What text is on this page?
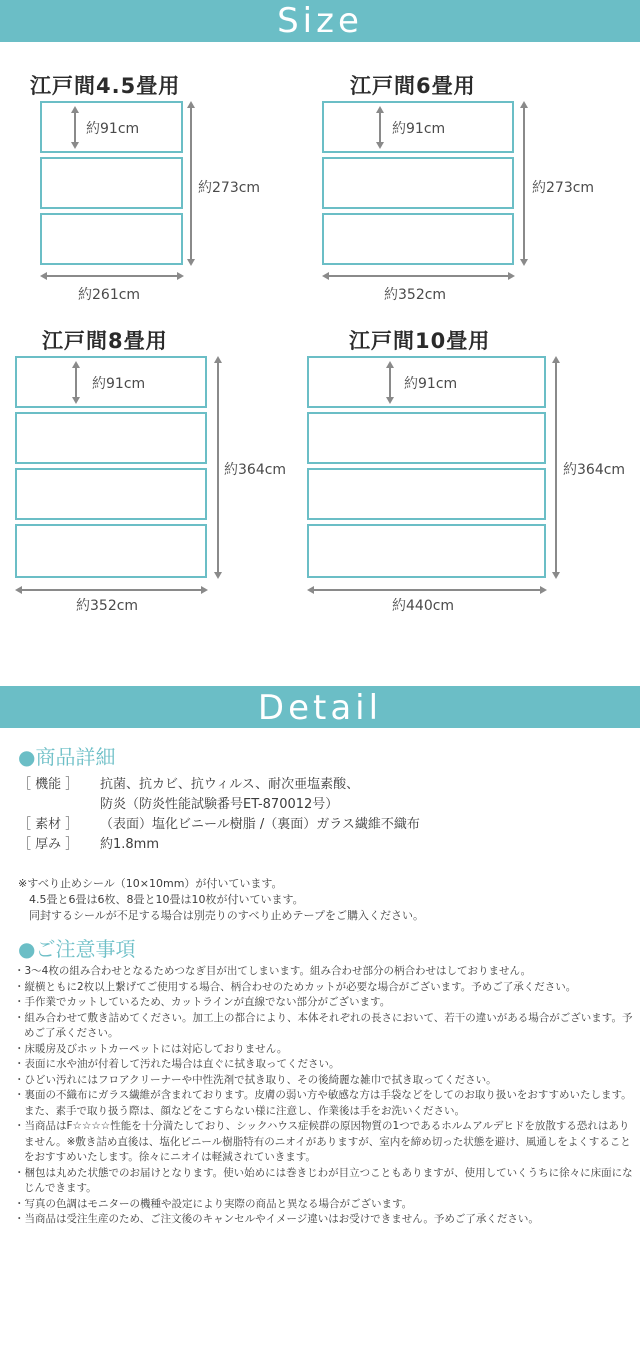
Size
江戸間4.5畳用
約91cm
約273cm
約261cm
江戸間6畳用
約91cm
約273cm
約352cm
江戸間8畳用
約91cm
約364cm
約352cm
江戸間10畳用
約91cm
約364cm
約440cm
Detail
●商品詳細
［ 機能 ］ 抗菌、抗カビ、抗ウィルス、耐次亜塩素酸、
防炎（防炎性能試験番号ET-870012号）
［ 素材 ］ （表面）塩化ビニール樹脂 /（裏面）ガラス繊維不織布
［ 厚み ］ 約1.8mm
※すべり止めシール（10×10mm）が付いています。
　4.5畳と6畳は6枚、8畳と10畳は10枚が付いています。
　同封するシールが不足する場合は別売りのすべり止めテープをご購入ください。
●ご注意事項
・3〜4枚の組み合わせとなるためつなぎ目が出てしまいます。組み合わせ部分の柄合わせはしておりません。
・縦横ともに2枚以上繋げてご使用する場合、柄合わせのためカットが必要な場合がございます。予めご了承ください。
・手作業でカットしているため、カットラインが直線でない部分がございます。
・組み合わせて敷き詰めてください。加工上の都合により、本体それぞれの長さにおいて、若干の違いがある場合がございます。予めご了承ください。
・床暖房及びホットカーペットには対応しておりません。
・表面に水や油が付着して汚れた場合は直ぐに拭き取ってください。
・ひどい汚れにはフロアクリーナーや中性洗剤で拭き取り、その後綺麗な雑巾で拭き取ってください。
・裏面の不織布にガラス繊維が含まれております。皮膚の弱い方や敏感な方は手袋などをしてのお取り扱いをおすすめいたします。また、素手で取り扱う際は、顔などをこすらない様に注意し、作業後は手をお洗いください。
・当商品はF☆☆☆☆性能を十分満たしており、シックハウス症候群の原因物質の1つであるホルムアルデヒドを放散する恐れはありません。※敷き詰め直後は、塩化ビニール樹脂特有のニオイがありますが、室内を締め切った状態を避け、風通しをよくすることをおすすめいたします。徐々にニオイは軽減されていきます。
・梱包は丸めた状態でのお届けとなります。使い始めには巻きじわが目立つこともありますが、使用していくうちに徐々に床面になじんできます。
・写真の色調はモニターの機種や設定により実際の商品と異なる場合がございます。
・当商品は受注生産のため、ご注文後のキャンセルやイメージ違いはお受けできません。予めご了承ください。
